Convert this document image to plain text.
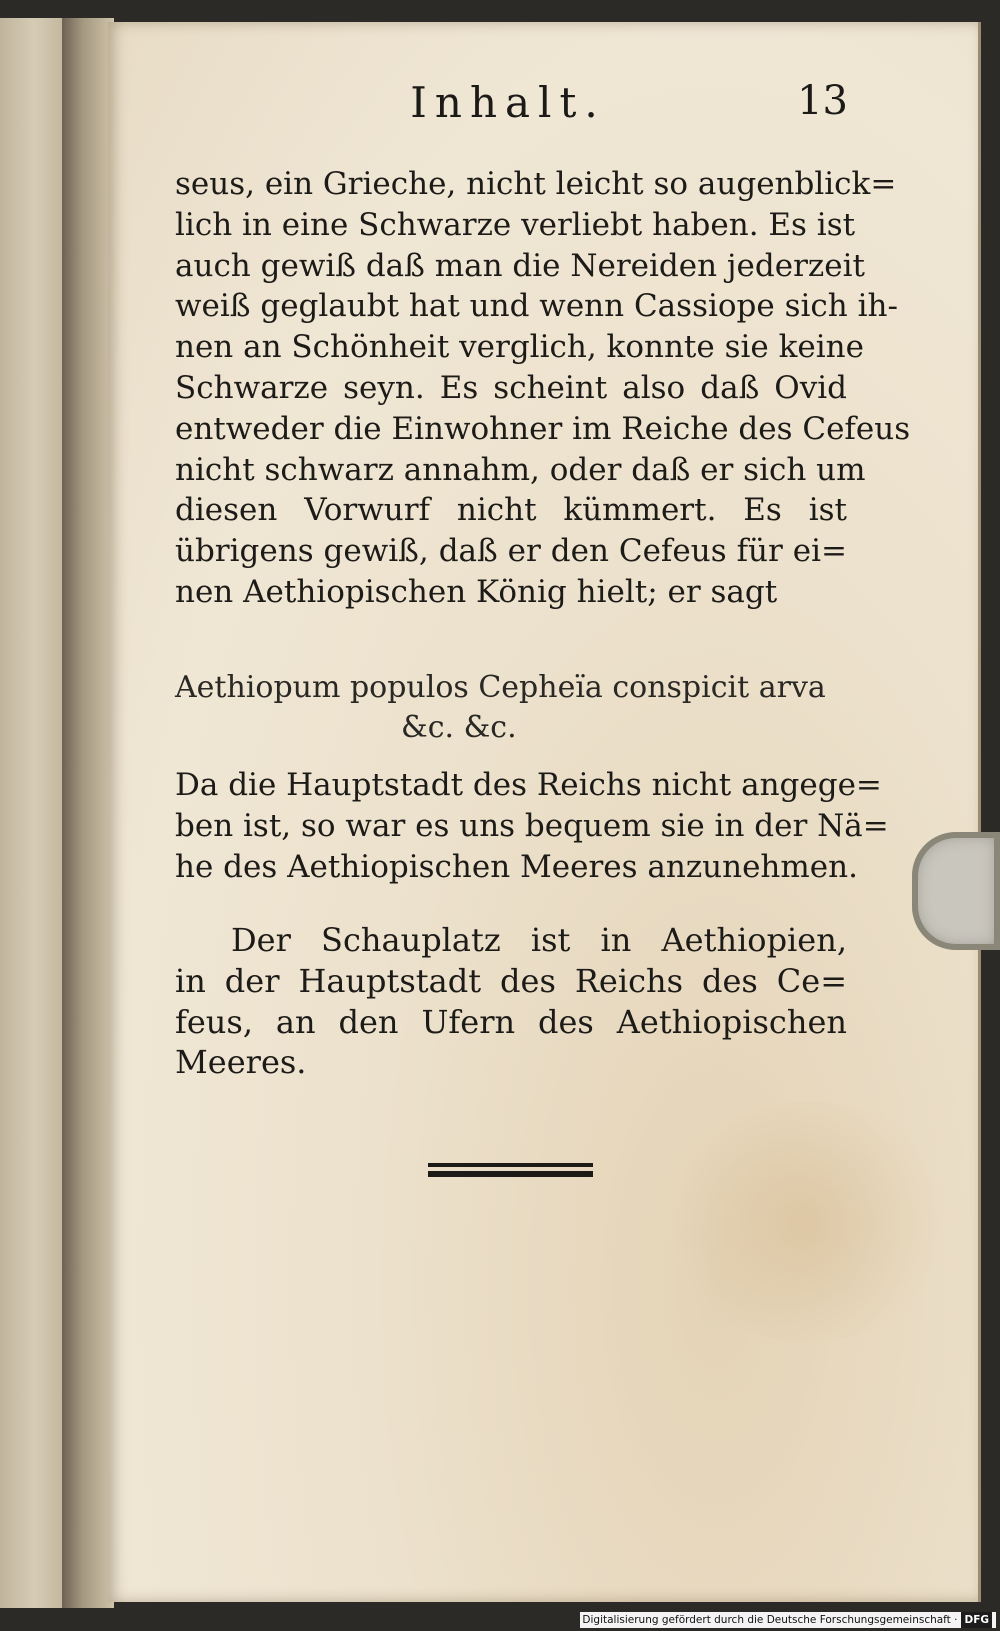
Inhalt.	13
seus, ein Grieche, nicht leicht so augenblick=
lich in eine Schwarze verliebt haben. Es ist
auch gewiß daß man die Nereiden jederzeit
weiß geglaubt hat und wenn Cassiope sich ih-
nen an Schönheit verglich, konnte sie keine
Schwarze seyn. Es scheint also daß Ovid
entweder die Einwohner im Reiche des Cefeus
nicht schwarz annahm, oder daß er sich um
diesen Vorwurf nicht kümmert. Es ist
übrigens gewiß, daß er den Cefeus für ei=
nen Aethiopischen König hielt; er sagt
Aethiopum populos Cepheïa conspicit arva
&c. &c.
Da die Hauptstadt des Reichs nicht angege=
ben ist, so war es uns bequem sie in der Nä=
he des Aethiopischen Meeres anzunehmen.
Der Schauplatz ist in Aethiopien,
in der Hauptstadt des Reichs des Ce=
feus, an den Ufern des Aethiopischen
Meeres.
Digitalisierung gefördert durch die Deutsche Forschungsgemeinschaft · DFG
